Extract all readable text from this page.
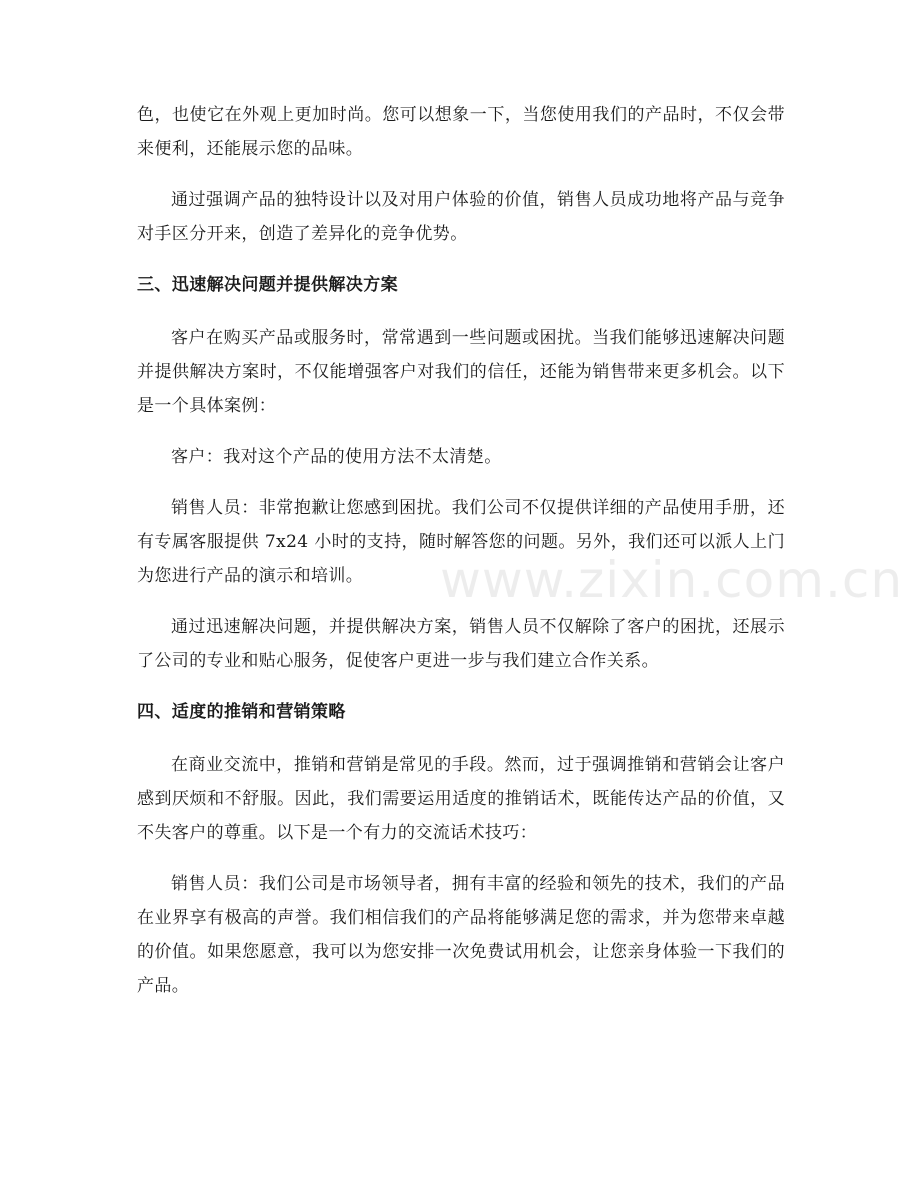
色，也使它在外观上更加时尚。您可以想象一下，当您使用我们的产品时，不仅会带来便利，还能展示您的品味。

通过强调产品的独特设计以及对用户体验的价值，销售人员成功地将产品与竞争对手区分开来，创造了差异化的竞争优势。

三、迅速解决问题并提供解决方案

客户在购买产品或服务时，常常遇到一些问题或困扰。当我们能够迅速解决问题并提供解决方案时，不仅能增强客户对我们的信任，还能为销售带来更多机会。以下是一个具体案例：

客户：我对这个产品的使用方法不太清楚。

销售人员：非常抱歉让您感到困扰。我们公司不仅提供详细的产品使用手册，还有专属客服提供 7x24 小时的支持，随时解答您的问题。另外，我们还可以派人上门为您进行产品的演示和培训。

通过迅速解决问题，并提供解决方案，销售人员不仅解除了客户的困扰，还展示了公司的专业和贴心服务，促使客户更进一步与我们建立合作关系。

四、适度的推销和营销策略

在商业交流中，推销和营销是常见的手段。然而，过于强调推销和营销会让客户感到厌烦和不舒服。因此，我们需要运用适度的推销话术，既能传达产品的价值，又不失客户的尊重。以下是一个有力的交流话术技巧：

销售人员：我们公司是市场领导者，拥有丰富的经验和领先的技术，我们的产品在业界享有极高的声誉。我们相信我们的产品将能够满足您的需求，并为您带来卓越的价值。如果您愿意，我可以为您安排一次免费试用机会，让您亲身体验一下我们的产品。

www.zixin.com.cn
